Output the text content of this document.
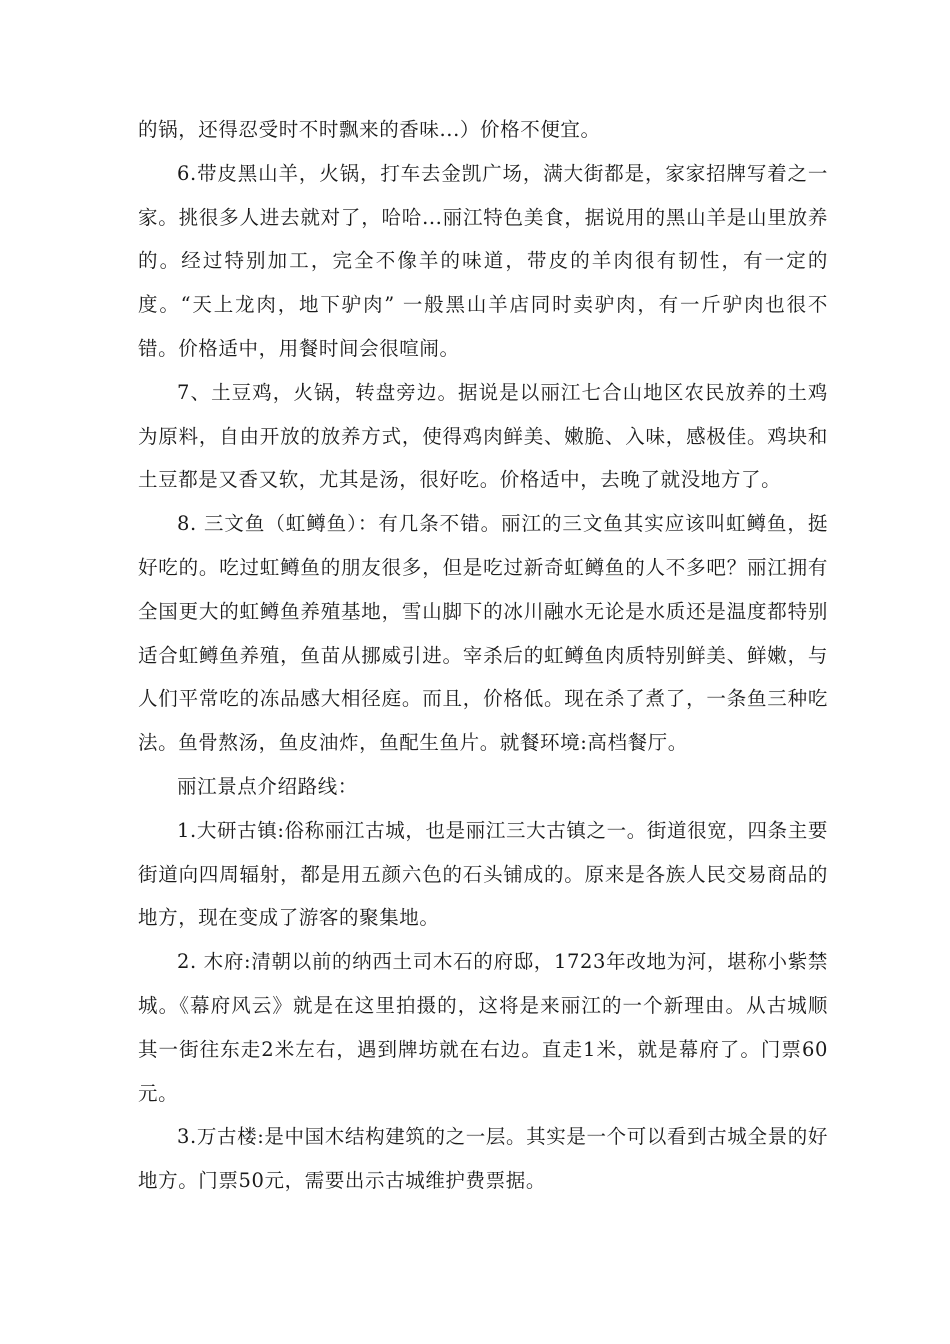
的锅，还得忍受时不时飘来的香味...）价格不便宜。

6.带皮黑山羊，火锅，打车去金凯广场，满大街都是，家家招牌写着之一家。挑很多人进去就对了，哈哈...丽江特色美食，据说用的黑山羊是山里放养的。经过特别加工，完全不像羊的味道，带皮的羊肉很有韧性，有一定的度。“天上龙肉，地下驴肉” 一般黑山羊店同时卖驴肉，有一斤驴肉也很不错。价格适中，用餐时间会很喧闹。

7、土豆鸡，火锅，转盘旁边。据说是以丽江七合山地区农民放养的土鸡为原料，自由开放的放养方式，使得鸡肉鲜美、嫩脆、入味，感极佳。鸡块和土豆都是又香又软，尤其是汤，很好吃。价格适中，去晚了就没地方了。

8. 三文鱼（虹鳟鱼）：有几条不错。丽江的三文鱼其实应该叫虹鳟鱼，挺好吃的。吃过虹鳟鱼的朋友很多，但是吃过新奇虹鳟鱼的人不多吧？丽江拥有全国更大的虹鳟鱼养殖基地，雪山脚下的冰川融水无论是水质还是温度都特别适合虹鳟鱼养殖，鱼苗从挪威引进。宰杀后的虹鳟鱼肉质特别鲜美、鲜嫩，与人们平常吃的冻品感大相径庭。而且，价格低。现在杀了煮了，一条鱼三种吃法。鱼骨熬汤，鱼皮油炸，鱼配生鱼片。就餐环境:高档餐厅。

丽江景点介绍路线：

1.大研古镇:俗称丽江古城，也是丽江三大古镇之一。街道很宽，四条主要街道向四周辐射，都是用五颜六色的石头铺成的。原来是各族人民交易商品的地方，现在变成了游客的聚集地。

2. 木府:清朝以前的纳西土司木石的府邸，1723年改地为河，堪称小紫禁城。《幕府风云》就是在这里拍摄的，这将是来丽江的一个新理由。从古城顺其一街往东走2米左右，遇到牌坊就在右边。直走1米，就是幕府了。门票60元。

3.万古楼:是中国木结构建筑的之一层。其实是一个可以看到古城全景的好地方。门票50元，需要出示古城维护费票据。
